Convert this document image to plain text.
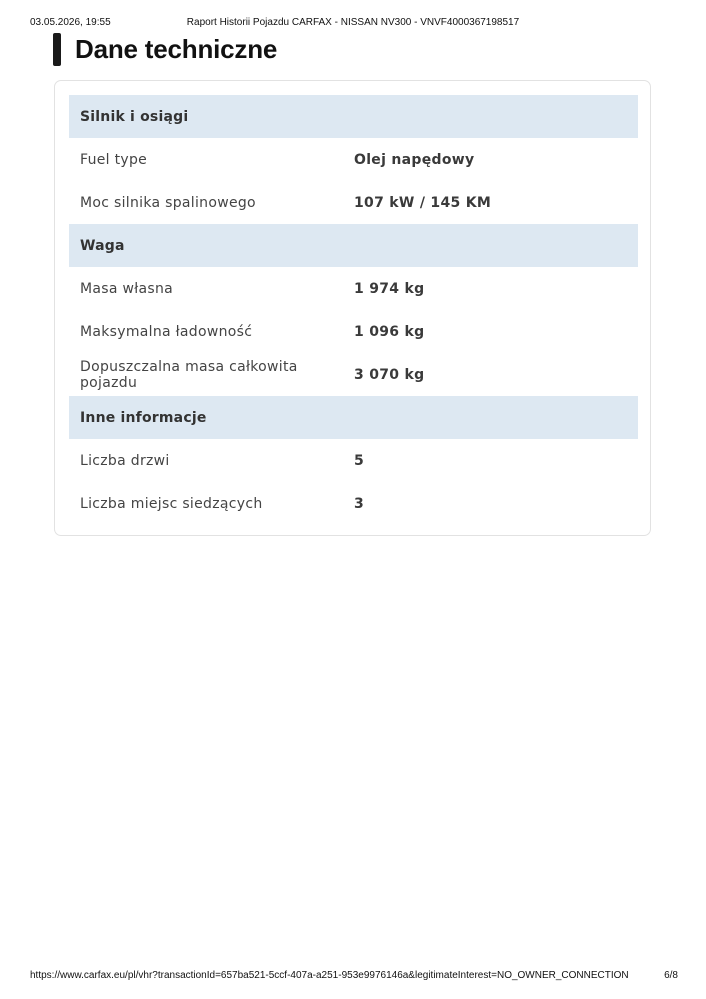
03.05.2026, 19:55	Raport Historii Pojazdu CARFAX - NISSAN NV300 - VNVF4000367198517
Dane techniczne
Silnik i osiągi
Fuel type	Olej napędowy
Moc silnika spalinowego	107 kW / 145 KM
Waga
Masa własna	1 974 kg
Maksymalna ładowność	1 096 kg
Dopuszczalna masa całkowita pojazdu	3 070 kg
Inne informacje
Liczba drzwi	5
Liczba miejsc siedzących	3
https://www.carfax.eu/pl/vhr?transactionId=657ba521-5ccf-407a-a251-953e9976146a&legitimateInterest=NO_OWNER_CONNECTION	6/8
